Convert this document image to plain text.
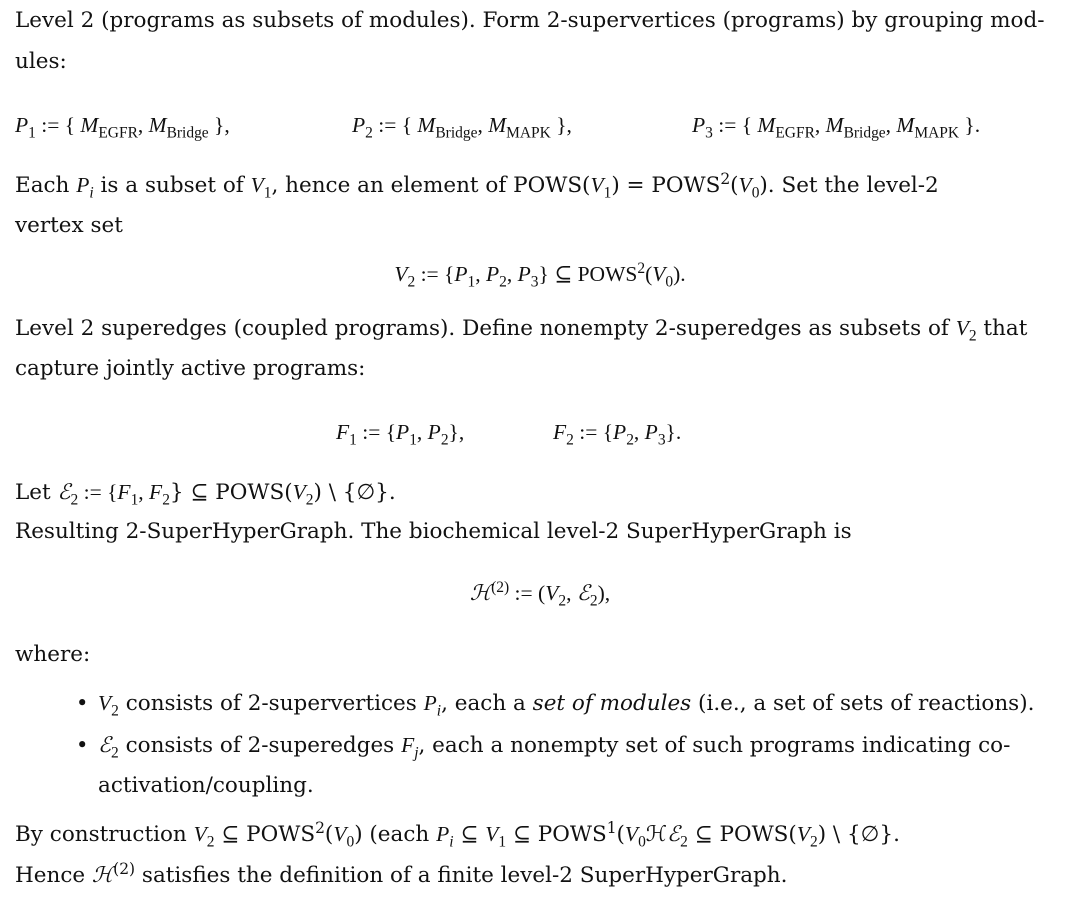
Level 2 (programs as subsets of modules). Form 2-supervertices (programs) by grouping mod-
ules:
$P_1$ := { $M_{EGFR}$, $M_{Bridge}$ },	$P_2$ := { $M_{Bridge}$, $M_{MAPK}$ },	$P_3$ := { $M_{EGFR}$, $M_{Bridge}$, $M_{MAPK}$ }.
Each $P_i$ is a subset of $V_1$, hence an element of $POWS(V_1)$ = $POWS^2(V_0)$. Set the level-2
vertex set
$V_2$ := {$P_1$, $P_2$, $P_3$} ⊆ $POWS^2(V_0)$.
Level 2 superedges (coupled programs). Define nonempty 2-superedges as subsets of $V_2$ that
capture jointly active programs:
$F_1$ := {$P_1$, $P_2$},	$F_2$ := {$P_2$, $P_3$}.
Let ℰ$_2$ := {$F_1$, $F_2$} ⊆ $POWS(V_2)$ \ {∅}.
Resulting 2-SuperHyperGraph. The biochemical level-2 SuperHyperGraph is
ℋ$^{(2)}$ := ($V_2$, ℰ$_2$),
where:
• $V_2$ consists of 2-supervertices $P_i$, each a set of modules (i.e., a set of sets of reactions).
• ℰ$_2$ consists of 2-superedges $F_j$, each a nonempty set of such programs indicating co-
activation/coupling.
By construction $V_2$ ⊆ $POWS^2(V_0)$ (each $P_i$ ⊆ $V_1$ ⊆ $POWS^1(V_0ℋℰ_2$ ⊆ $POWS(V_2)$ \ {∅}.
Hence ℋ$^{(2)}$ satisfies the definition of a finite level-2 SuperHyperGraph.
